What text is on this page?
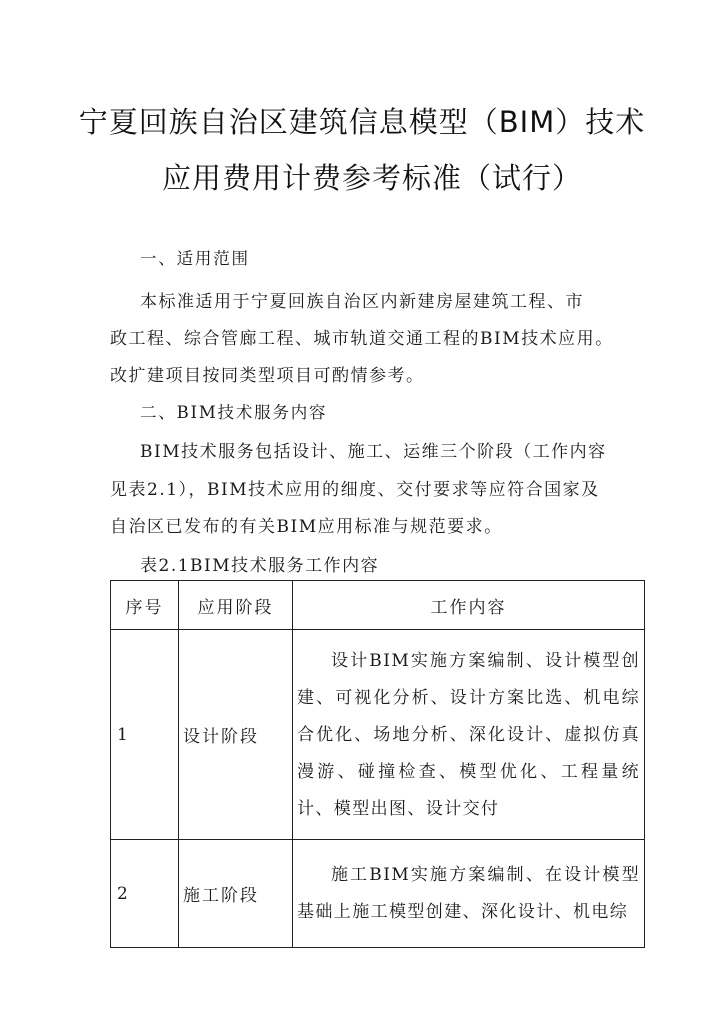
宁夏回族自治区建筑信息模型（BIM）技术
应用费用计费参考标准（试行）
一、适用范围
本标准适用于宁夏回族自治区内新建房屋建筑工程、市
政工程、综合管廊工程、城市轨道交通工程的BIM技术应用。
改扩建项目按同类型项目可酌情参考。
二、BIM技术服务内容
BIM技术服务包括设计、施工、运维三个阶段（工作内容
见表2.1），BIM技术应用的细度、交付要求等应符合国家及
自治区已发布的有关BIM应用标准与规范要求。
表2.1BIM技术服务工作内容
序号	应用阶段	工作内容
1	设计阶段	设计BIM实施方案编制、设计模型创建、可视化分析、设计方案比选、机电综合优化、场地分析、深化设计、虚拟仿真漫游、碰撞检查、模型优化、工程量统计、模型出图、设计交付
2	施工阶段	施工BIM实施方案编制、在设计模型基础上施工模型创建、深化设计、机电综
